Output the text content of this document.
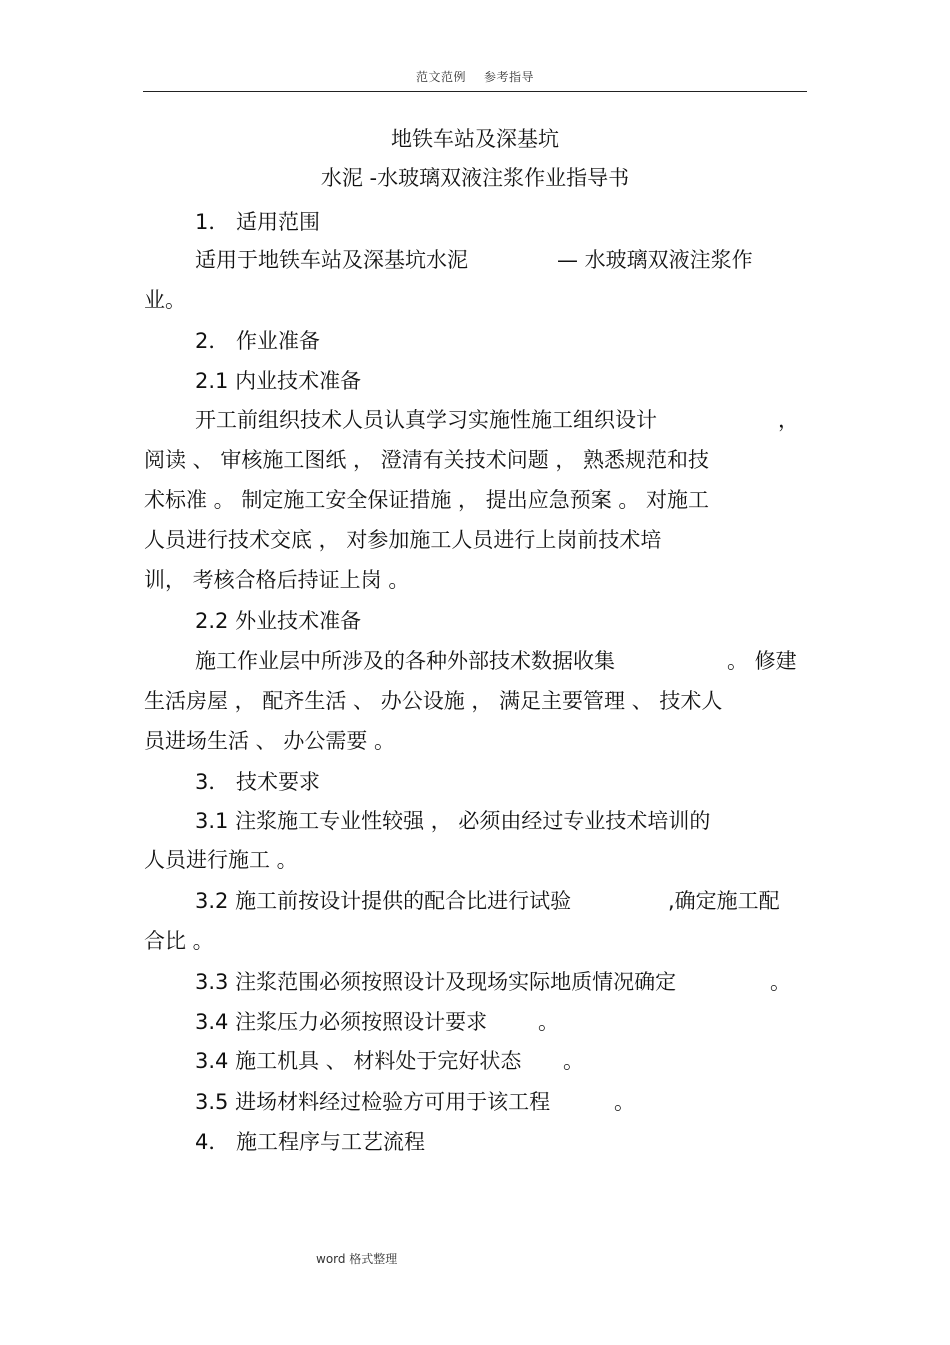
范文范例 参考指导
地铁车站及深基坑
水泥 -水玻璃双液注浆作业指导书
1． 适用范围
适用于地铁车站及深基坑水泥	— 水玻璃双液注浆作
业。
2． 作业准备
2.1 内业技术准备
开工前组织技术人员认真学习实施性施工组织设计	，
阅读 、 审核施工图纸 ， 澄清有关技术问题 ， 熟悉规范和技
术标准 。 制定施工安全保证措施 ， 提出应急预案 。 对施工
人员进行技术交底 ， 对参加施工人员进行上岗前技术培
训， 考核合格后持证上岗 。
2.2 外业技术准备
施工作业层中所涉及的各种外部技术数据收集	。 修建
生活房屋 ， 配齐生活 、 办公设施 ， 满足主要管理 、 技术人
员进场生活 、 办公需要 。
3． 技术要求
3.1 注浆施工专业性较强 ， 必须由经过专业技术培训的
人员进行施工 。
3.2 施工前按设计提供的配合比进行试验	,确定施工配
合比 。
3.3 注浆范围必须按照设计及现场实际地质情况确定	。
3.4 注浆压力必须按照设计要求 。
3.4 施工机具 、 材料处于完好状态 。
3.5 进场材料经过检验方可用于该工程	。
4． 施工程序与工艺流程
word 格式整理
